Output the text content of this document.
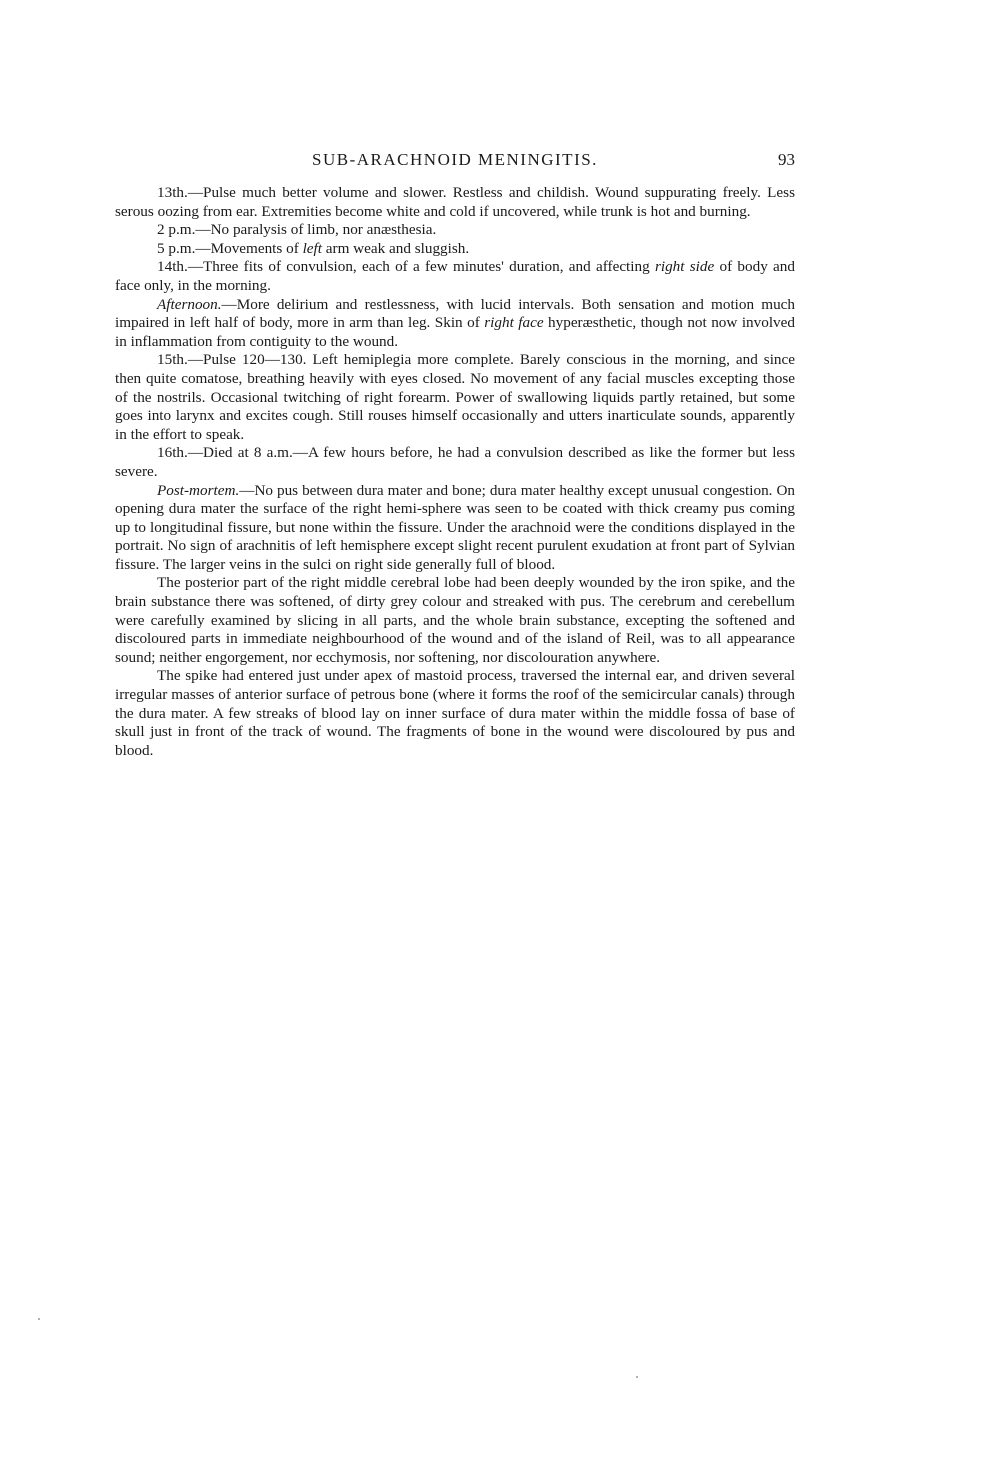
SUB-ARACHNOID MENINGITIS.	93

13th.—Pulse much better volume and slower. Restless and childish. Wound suppurating freely. Less serous oozing from ear. Extremities become white and cold if uncovered, while trunk is hot and burning.

2 p.m.—No paralysis of limb, nor anæsthesia.

5 p.m.—Movements of left arm weak and sluggish.

14th.—Three fits of convulsion, each of a few minutes' duration, and affecting right side of body and face only, in the morning.

Afternoon.—More delirium and restlessness, with lucid intervals. Both sensation and motion much impaired in left half of body, more in arm than leg. Skin of right face hyperæsthetic, though not now involved in inflammation from contiguity to the wound.

15th.—Pulse 120—130. Left hemiplegia more complete. Barely conscious in the morning, and since then quite comatose, breathing heavily with eyes closed. No movement of any facial muscles excepting those of the nostrils. Occasional twitching of right forearm. Power of swallowing liquids partly retained, but some goes into larynx and excites cough. Still rouses himself occasionally and utters inarticulate sounds, apparently in the effort to speak.

16th.—Died at 8 a.m.—A few hours before, he had a convulsion described as like the former but less severe.

Post-mortem.—No pus between dura mater and bone; dura mater healthy except unusual congestion. On opening dura mater the surface of the right hemi-sphere was seen to be coated with thick creamy pus coming up to longitudinal fissure, but none within the fissure. Under the arachnoid were the conditions displayed in the portrait. No sign of arachnitis of left hemisphere except slight recent purulent exudation at front part of Sylvian fissure. The larger veins in the sulci on right side generally full of blood.

The posterior part of the right middle cerebral lobe had been deeply wounded by the iron spike, and the brain substance there was softened, of dirty grey colour and streaked with pus. The cerebrum and cerebellum were carefully examined by slicing in all parts, and the whole brain substance, excepting the softened and discoloured parts in immediate neighbourhood of the wound and of the island of Reil, was to all appearance sound; neither engorgement, nor ecchymosis, nor softening, nor discolouration anywhere.

The spike had entered just under apex of mastoid process, traversed the internal ear, and driven several irregular masses of anterior surface of petrous bone (where it forms the roof of the semicircular canals) through the dura mater. A few streaks of blood lay on inner surface of dura mater within the middle fossa of base of skull just in front of the track of wound. The fragments of bone in the wound were discoloured by pus and blood.
